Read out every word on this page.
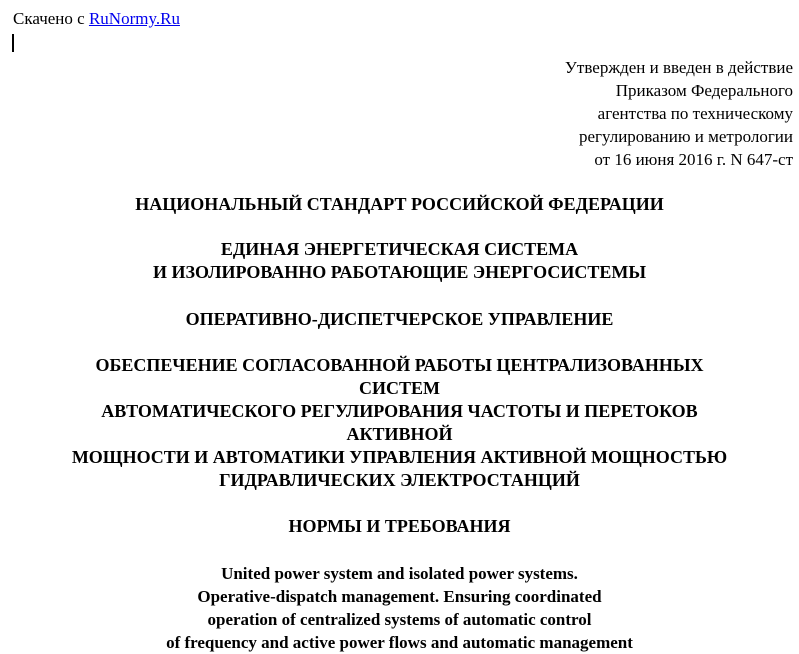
Скачено с RuNormy.Ru
Утвержден и введен в действие
Приказом Федерального
агентства по техническому
регулированию и метрологии
от 16 июня 2016 г. N 647-ст
НАЦИОНАЛЬНЫЙ СТАНДАРТ РОССИЙСКОЙ ФЕДЕРАЦИИ
ЕДИНАЯ ЭНЕРГЕТИЧЕСКАЯ СИСТЕМА
И ИЗОЛИРОВАННО РАБОТАЮЩИЕ ЭНЕРГОСИСТЕМЫ
ОПЕРАТИВНО-ДИСПЕТЧЕРСКОЕ УПРАВЛЕНИЕ
ОБЕСПЕЧЕНИЕ СОГЛАСОВАННОЙ РАБОТЫ ЦЕНТРАЛИЗОВАННЫХ
СИСТЕМ
АВТОМАТИЧЕСКОГО РЕГУЛИРОВАНИЯ ЧАСТОТЫ И ПЕРЕТОКОВ
АКТИВНОЙ
МОЩНОСТИ И АВТОМАТИКИ УПРАВЛЕНИЯ АКТИВНОЙ МОЩНОСТЬЮ
ГИДРАВЛИЧЕСКИХ ЭЛЕКТРОСТАНЦИЙ
НОРМЫ И ТРЕБОВАНИЯ
United power system and isolated power systems.
Operative-dispatch management. Ensuring coordinated
operation of centralized systems of automatic control
of frequency and active power flows and automatic management
